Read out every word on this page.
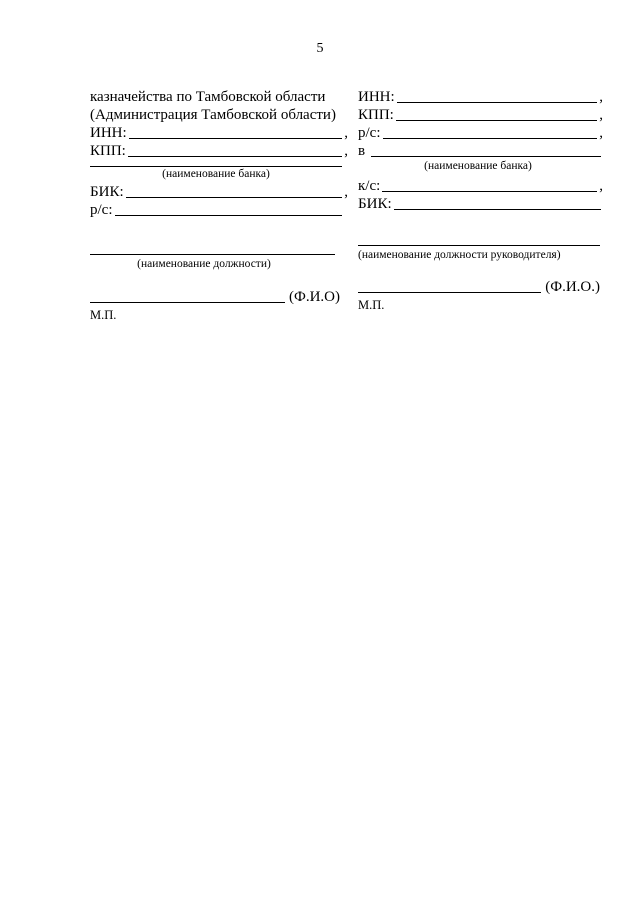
5
казначейства по Тамбовской области
(Администрация Тамбовской области)
ИНН:	,
КПП:	,
(наименование банка)
БИК:	,
р/с:
(наименование должности)
(Ф.И.О)
М.П.
ИНН:	,
КПП:	,
р/с:	,
в
(наименование банка)
к/с:	,
БИК:
(наименование должности руководителя)
(Ф.И.О.)
М.П.
